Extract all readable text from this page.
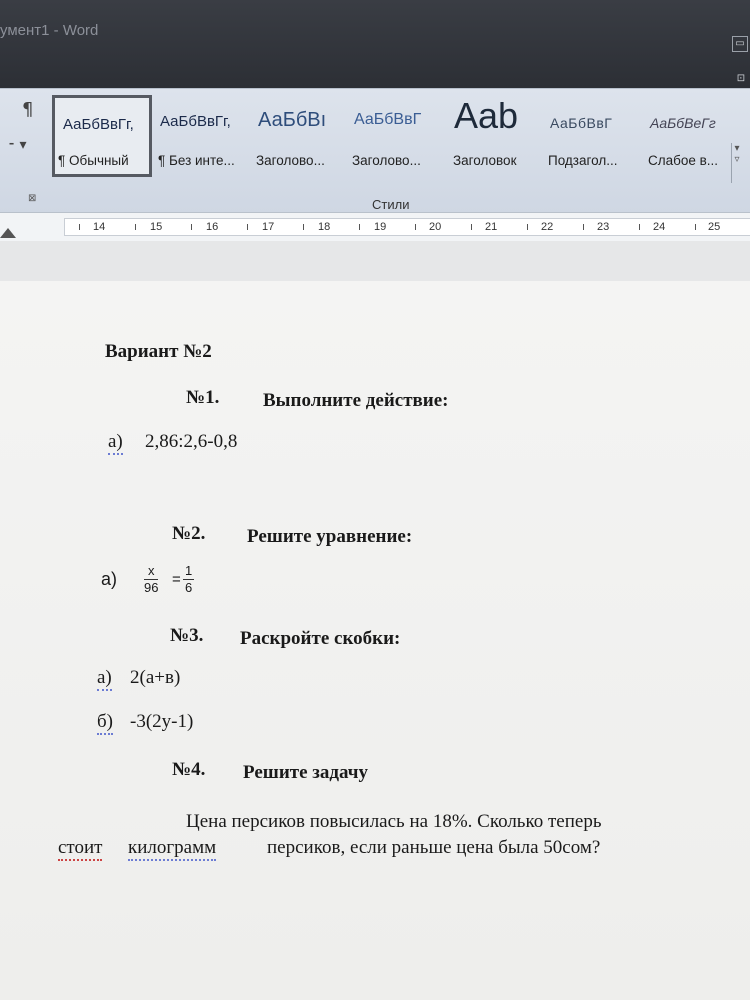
умент1 - Word
▭
⊡
¶
⁃ ▾
АаБбВвГг,
¶ Обычный
АаБбВвГг,
¶ Без инте...
АаБбВı
Заголово...
АаБбВвГ
Заголово...
Aab
Заголовок
АаБбВвГ
Подзагол...
АаБбВеГг
Слабое в...
▾
▿
⊠	Стили
14	15	16	17	18	19	20	21	22	23	24	25
Вариант №2
№1. Выполните действие:
а) 2,86:2,6-0,8
№2. Решите уравнение:
$а) \frac{x}{96} = \frac{1}{6}$
№3. Раскройте скобки:
а) 2(а+в)
б) -3(2у-1)
№4. Решите задачу
Цена персиков повысилась на 18%. Сколько теперь
стоит килограмм	персиков, если раньше цена была 50сом?
